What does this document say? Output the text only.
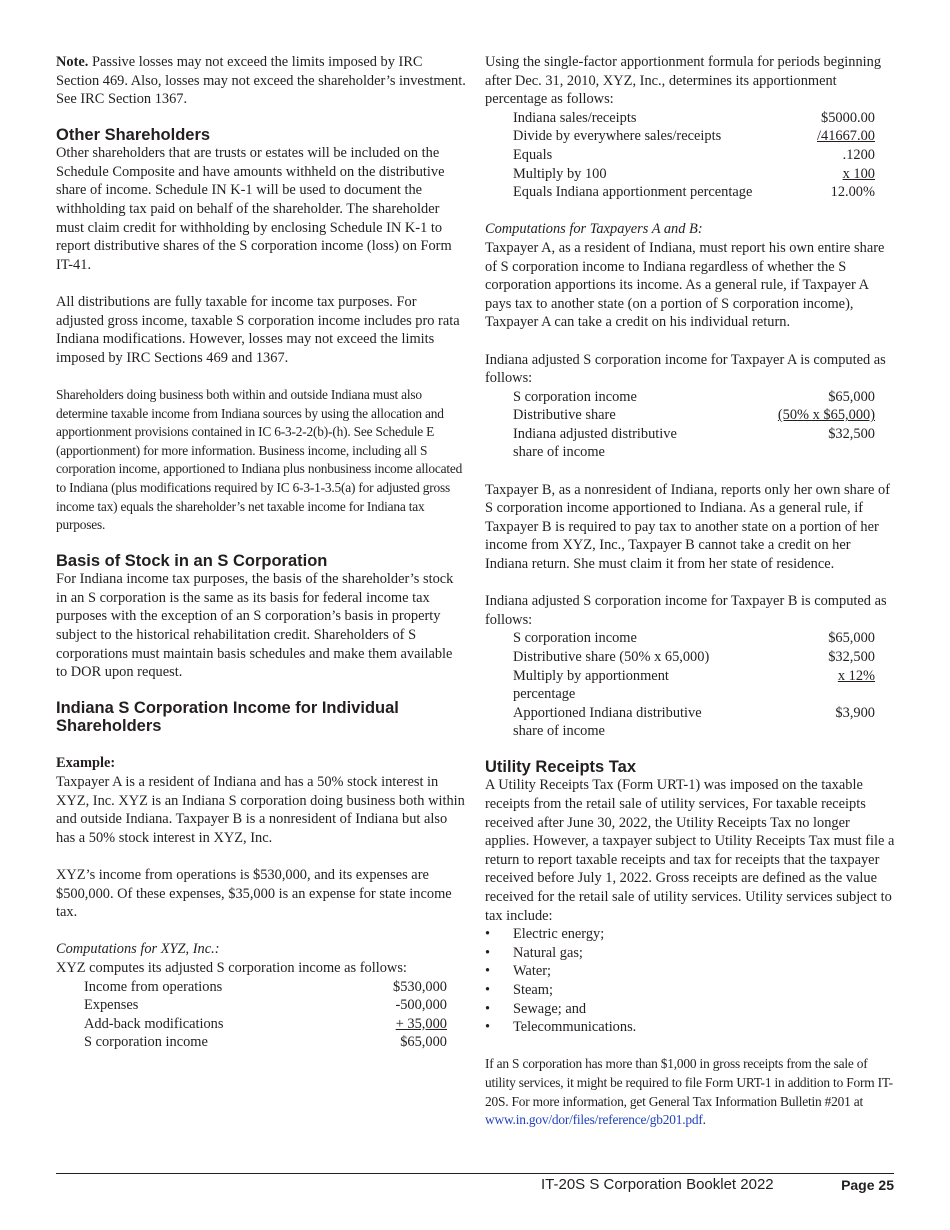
Note. Passive losses may not exceed the limits imposed by IRC Section 469. Also, losses may not exceed the shareholder’s investment. See IRC Section 1367.

Other Shareholders

Other shareholders that are trusts or estates will be included on the Schedule Composite and have amounts withheld on the distributive share of income. Schedule IN K-1 will be used to document the withholding tax paid on behalf of the shareholder. The shareholder must claim credit for withholding by enclosing Schedule IN K-1 to report distributive shares of the S corporation income (loss) on Form IT-41.

All distributions are fully taxable for income tax purposes. For adjusted gross income, taxable S corporation income includes pro rata Indiana modifications. However, losses may not exceed the limits imposed by IRC Sections 469 and 1367.

Shareholders doing business both within and outside Indiana must also determine taxable income from Indiana sources by using the allocation and apportionment provisions contained in IC 6-3-2-2(b)-(h). See Schedule E (apportionment) for more information. Business income, including all S corporation income, apportioned to Indiana plus nonbusiness income allocated to Indiana (plus modifications required by IC 6-3-1-3.5(a) for adjusted gross income tax) equals the shareholder’s net taxable income for Indiana tax purposes.

Basis of Stock in an S Corporation

For Indiana income tax purposes, the basis of the shareholder’s stock in an S corporation is the same as its basis for federal income tax purposes with the exception of an S corporation’s basis in property subject to the historical rehabilitation credit. Shareholders of S corporations must maintain basis schedules and make them available to DOR upon request.

Indiana S Corporation Income for Individual Shareholders

Example:

Taxpayer A is a resident of Indiana and has a 50% stock interest in XYZ, Inc. XYZ is an Indiana S corporation doing business both within and outside Indiana. Taxpayer B is a nonresident of Indiana but also has a 50% stock interest in XYZ, Inc.

XYZ’s income from operations is $530,000, and its expenses are $500,000. Of these expenses, $35,000 is an expense for state income tax.

Computations for XYZ, Inc.:

XYZ computes its adjusted S corporation income as follows:

Income from operations	$530,000
Expenses	-500,000
Add-back modifications	+ 35,000
S corporation income	$65,000

Using the single-factor apportionment formula for periods beginning after Dec. 31, 2010, XYZ, Inc., determines its apportionment percentage as follows:

Indiana sales/receipts	$5000.00
Divide by everywhere sales/receipts	/41667.00
Equals	.1200
Multiply by 100	x 100
Equals Indiana apportionment percentage	12.00%

Computations for Taxpayers A and B:

Taxpayer A, as a resident of Indiana, must report his own entire share of S corporation income to Indiana regardless of whether the S corporation apportions its income. As a general rule, if Taxpayer A pays tax to another state (on a portion of S corporation income), Taxpayer A can take a credit on his individual return.

Indiana adjusted S corporation income for Taxpayer A is computed as follows:

S corporation income	$65,000
Distributive share	(50% x $65,000)
Indiana adjusted distributive share of income	$32,500

Taxpayer B, as a nonresident of Indiana, reports only her own share of S corporation income apportioned to Indiana. As a general rule, if Taxpayer B is required to pay tax to another state on a portion of her income from XYZ, Inc., Taxpayer B cannot take a credit on her Indiana return. She must claim it from her state of residence.

Indiana adjusted S corporation income for Taxpayer B is computed as follows:

S corporation income	$65,000
Distributive share (50% x 65,000)	$32,500
Multiply by apportionment percentage	x 12%
Apportioned Indiana distributive share of income	$3,900
Utility Receipts Tax

A Utility Receipts Tax (Form URT-1) was imposed on the taxable receipts from the retail sale of utility services, For taxable receipts received after June 30, 2022, the Utility Receipts Tax no longer applies. However, a taxpayer subject to Utility Receipts Tax must file a return to report taxable receipts and tax for receipts that the taxpayer received before July 1, 2022. Gross receipts are defined as the value received for the retail sale of utility services. Utility services subject to tax include:

• Electric energy;
• Natural gas;
• Water;
• Steam;
• Sewage; and
• Telecommunications.

If an S corporation has more than $1,000 in gross receipts from the sale of utility services, it might be required to file Form URT-1 in addition to Form IT-20S. For more information, get General Tax Information Bulletin #201 at www.in.gov/dor/files/reference/gb201.pdf.

IT-20S S Corporation Booklet 2022	Page 25
